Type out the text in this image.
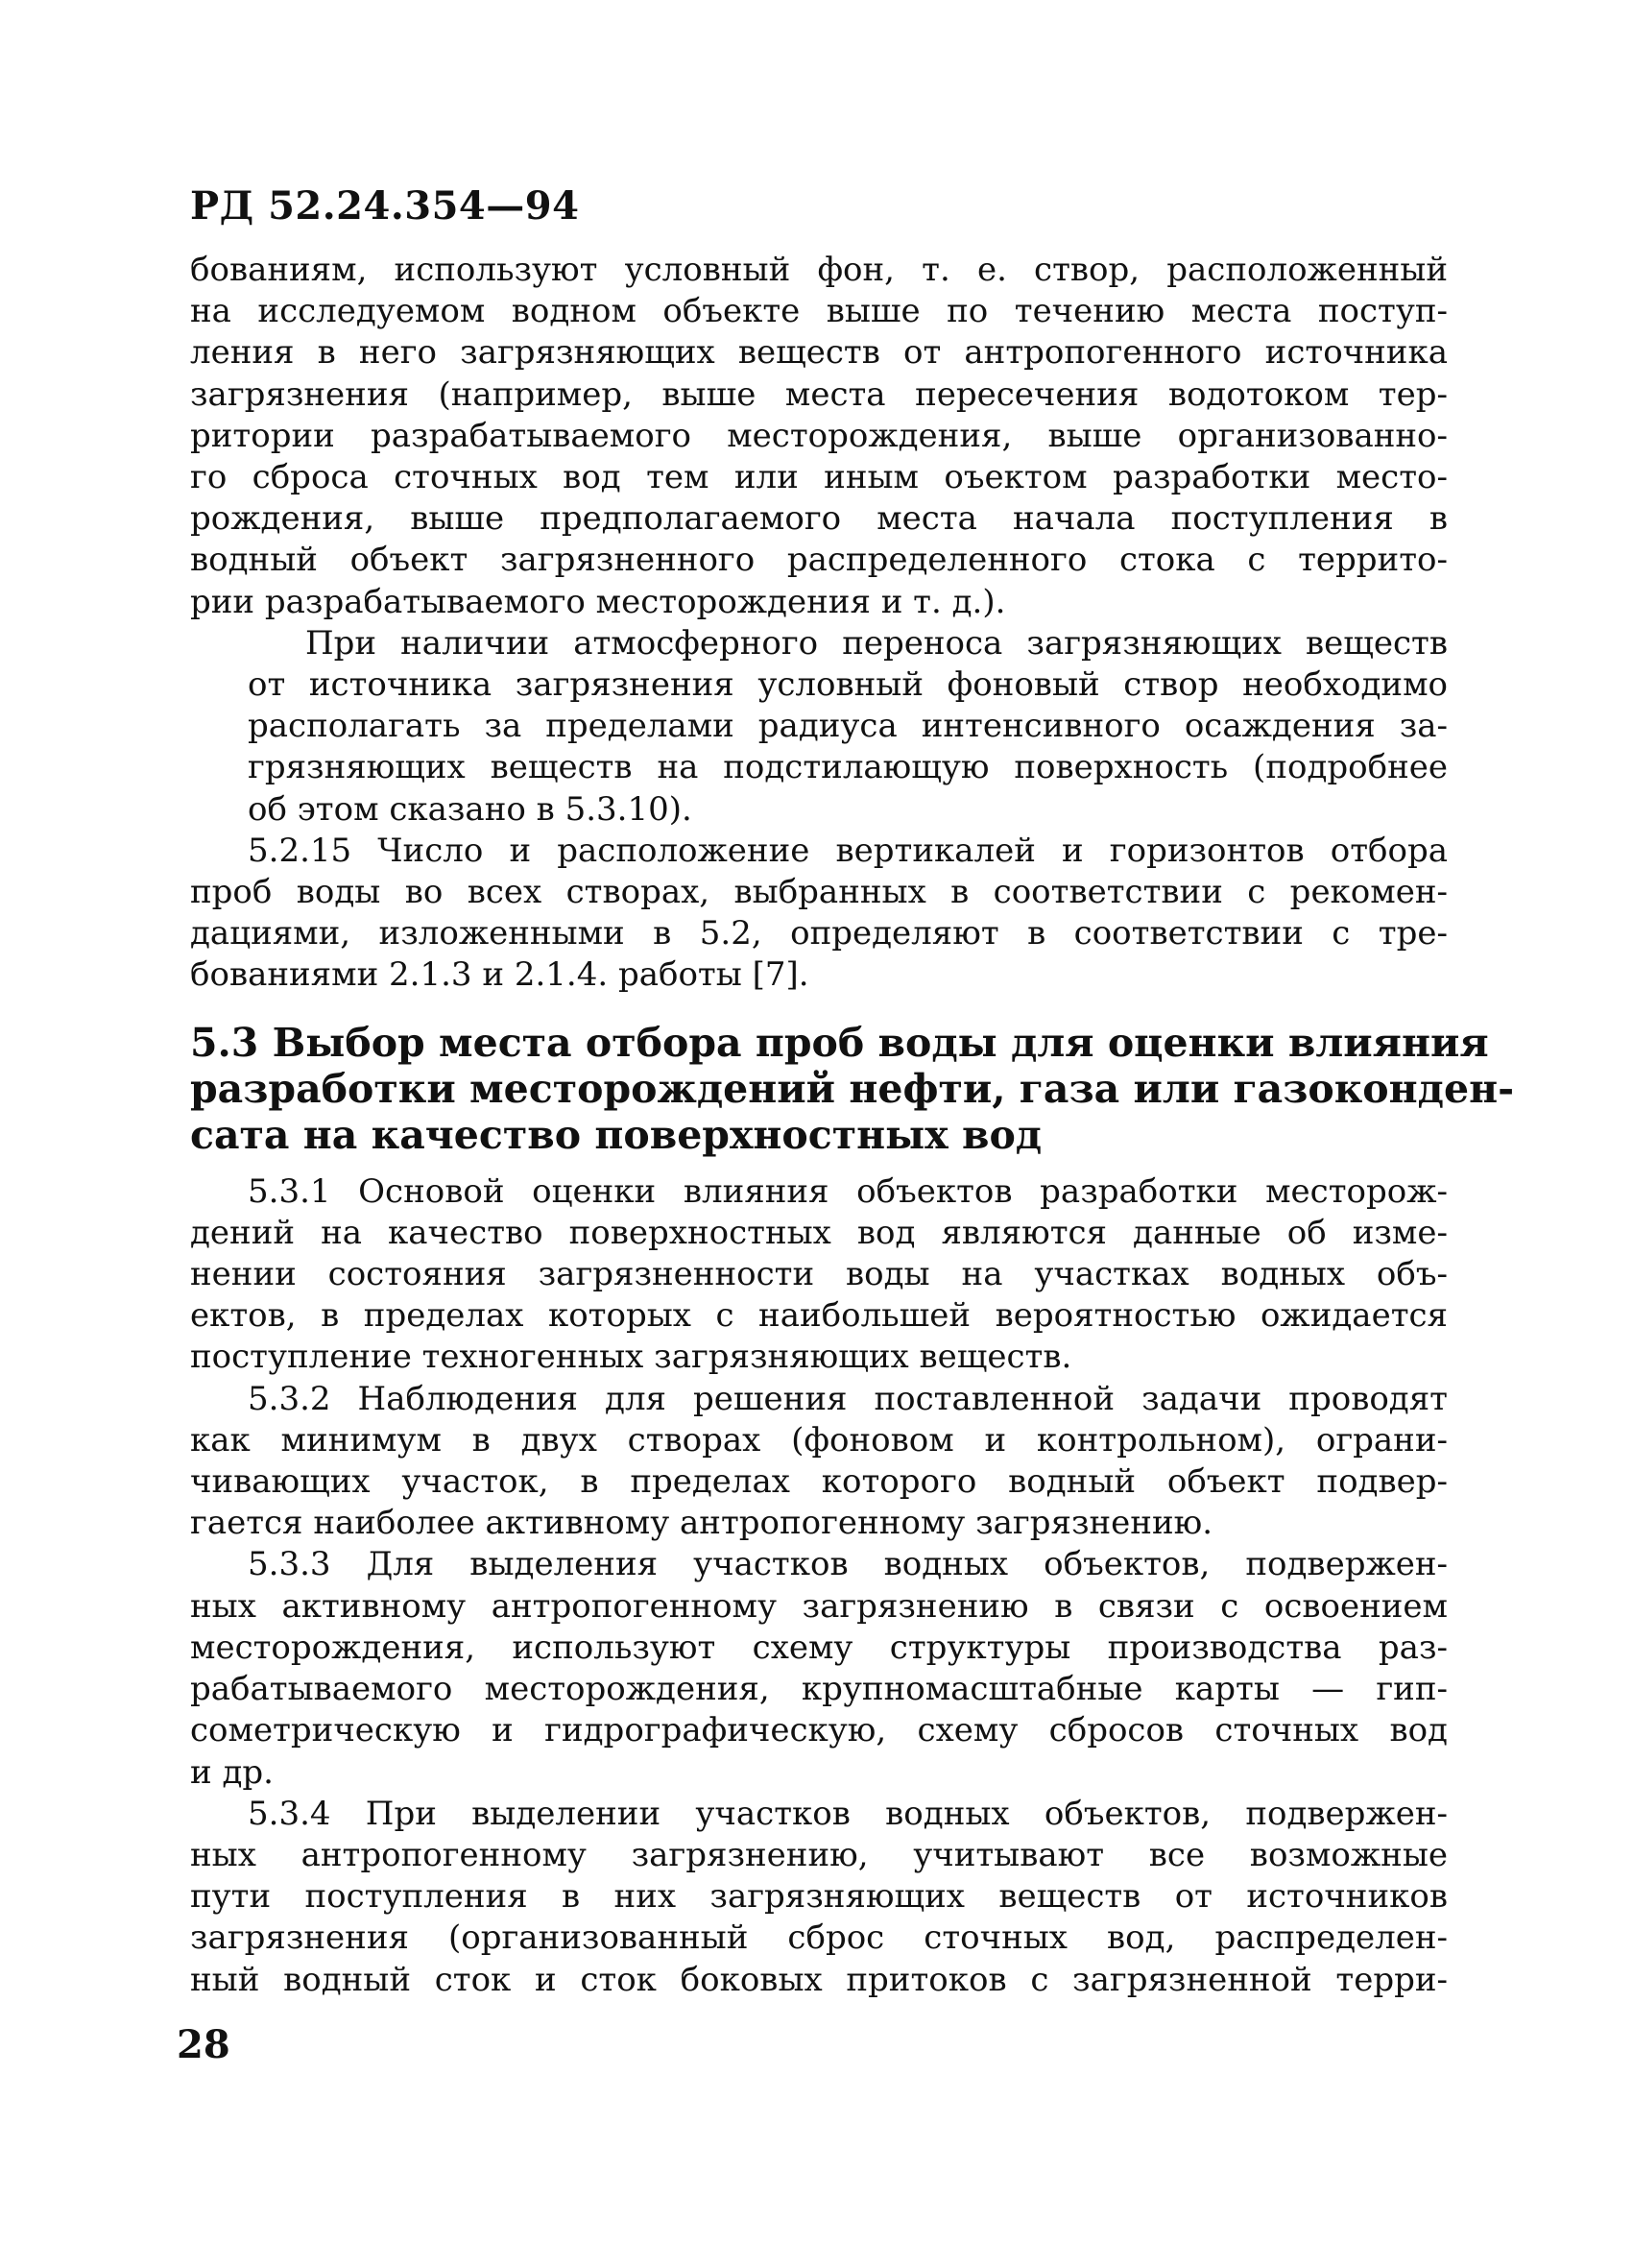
РД 52.24.354—94

бованиям, используют условный фон, т. е. створ, расположенный
на исследуемом водном объекте выше по течению места поступ-
ления в него загрязняющих веществ от антропогенного источника
загрязнения (например, выше места пересечения водотоком тер-
ритории разрабатываемого месторождения, выше организованно-
го сброса сточных вод тем или иным оъектом разработки место-
рождения, выше предполагаемого места начала поступления в
водный объект загрязненного распределенного стока с террито-
рии разрабатываемого месторождения и т. д.).

При наличии атмосферного переноса загрязняющих веществ
от источника загрязнения условный фоновый створ необходимо
располагать за пределами радиуса интенсивного осаждения за-
грязняющих веществ на подстилающую поверхность (подробнее
об этом сказано в 5.3.10).

5.2.15 Число и расположение вертикалей и горизонтов отбора
проб воды во всех створах, выбранных в соответствии с рекомен-
дациями, изложенными в 5.2, определяют в соответствии с тре-
бованиями 2.1.3 и 2.1.4. работы [7].

5.3 Выбор места отбора проб воды для оценки влияния
разработки месторождений нефти, газа или газоконден-
сата на качество поверхностных вод

5.3.1 Основой оценки влияния объектов разработки месторож-
дений на качество поверхностных вод являются данные об изме-
нении состояния загрязненности воды на участках водных объ-
ектов, в пределах которых с наибольшей вероятностью ожидается
поступление техногенных загрязняющих веществ.

5.3.2 Наблюдения для решения поставленной задачи проводят
как минимум в двух створах (фоновом и контрольном), ограни-
чивающих участок, в пределах которого водный объект подвер-
гается наиболее активному антропогенному загрязнению.

5.3.3 Для выделения участков водных объектов, подвержен-
ных активному антропогенному загрязнению в связи с освоением
месторождения, используют схему структуры производства раз-
рабатываемого месторождения, крупномасштабные карты — гип-
сометрическую и гидрографическую, схему сбросов сточных вод
и др.

5.3.4 При выделении участков водных объектов, подвержен-
ных антропогенному загрязнению, учитывают все возможные
пути поступления в них загрязняющих веществ от источников
загрязнения (организованный сброс сточных вод, распределен-
ный водный сток и сток боковых притоков с загрязненной терри-

28
